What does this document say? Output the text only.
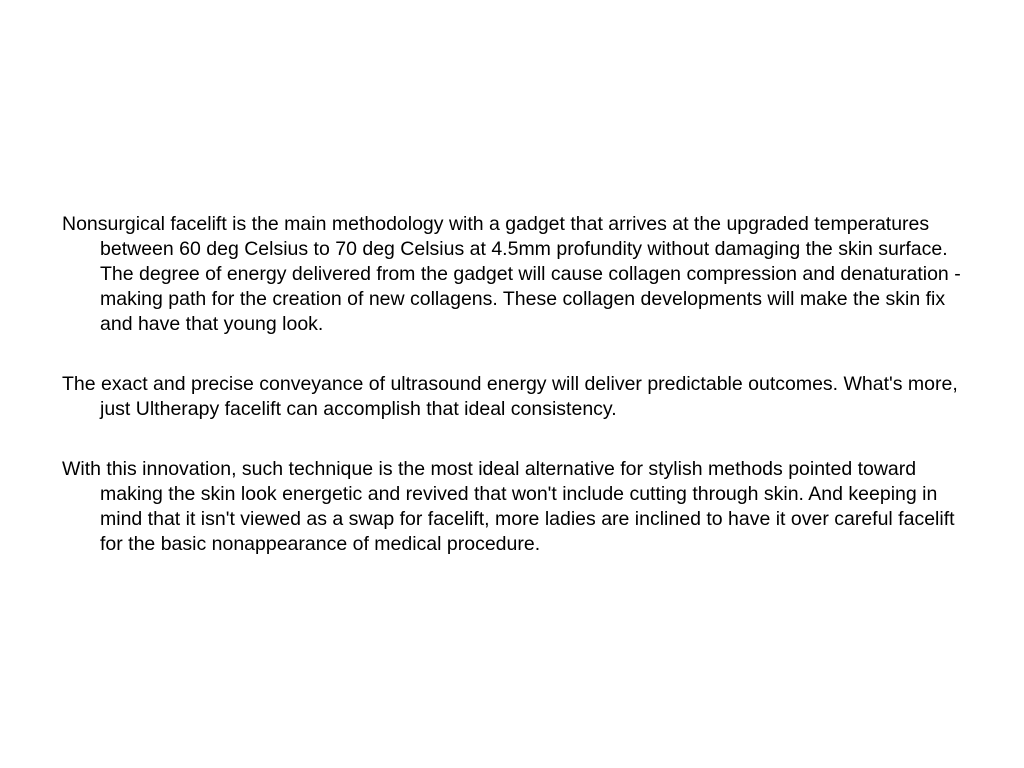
Nonsurgical facelift is the main methodology with a gadget that arrives at the upgraded temperatures between 60 deg Celsius to 70 deg Celsius at 4.5mm profundity without damaging the skin surface. The degree of energy delivered from the gadget will cause collagen compression and denaturation - making path for the creation of new collagens. These collagen developments will make the skin fix and have that young look.

The exact and precise conveyance of ultrasound energy will deliver predictable outcomes. What's more, just Ultherapy facelift can accomplish that ideal consistency.

With this innovation, such technique is the most ideal alternative for stylish methods pointed toward making the skin look energetic and revived that won't include cutting through skin. And keeping in mind that it isn't viewed as a swap for facelift, more ladies are inclined to have it over careful facelift for the basic nonappearance of medical procedure.
